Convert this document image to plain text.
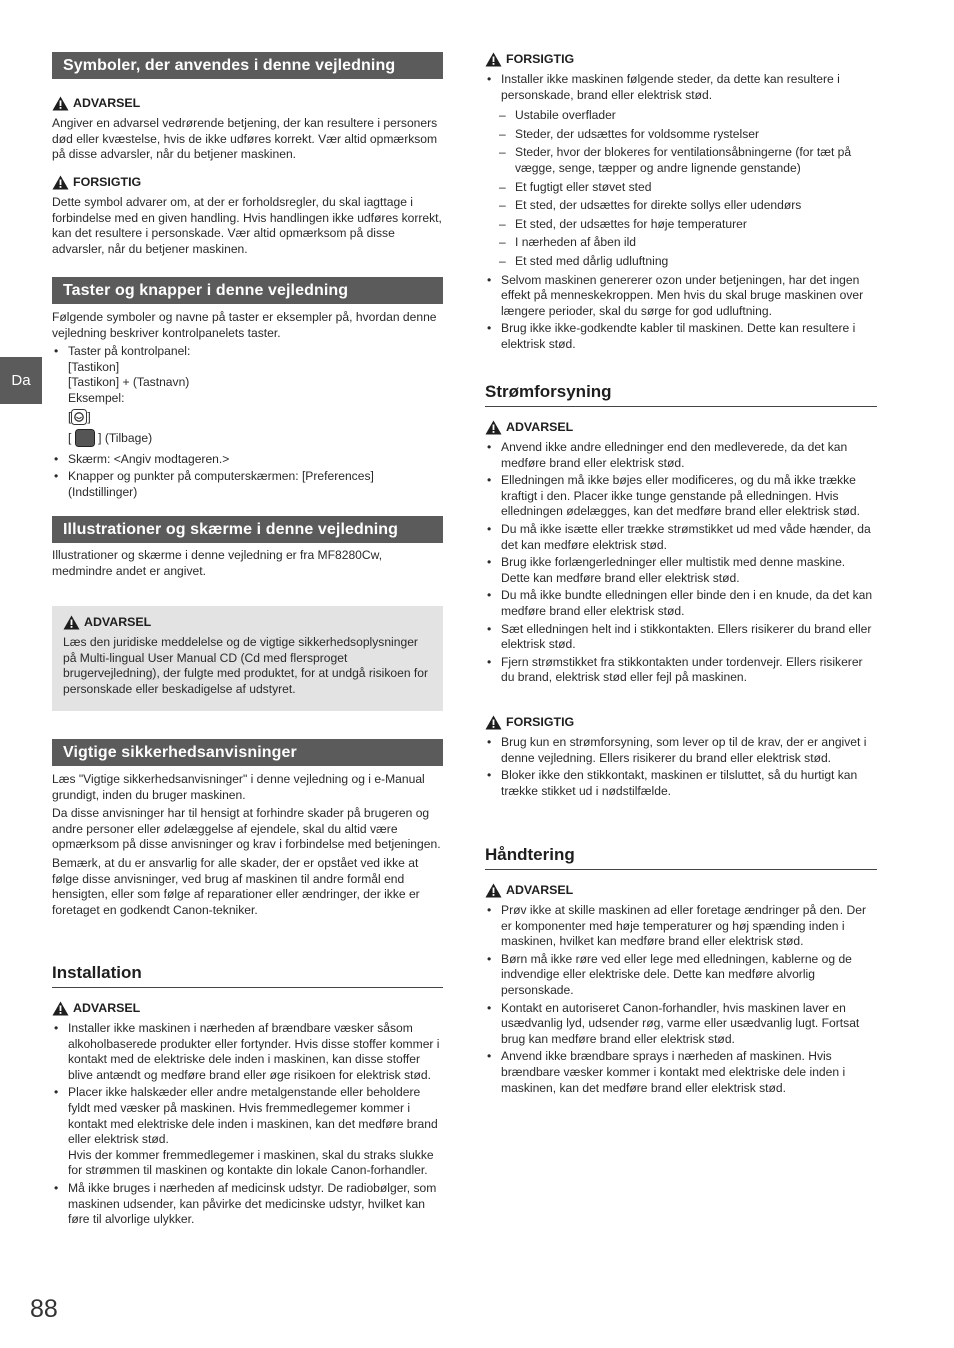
Da
Symboler, der anvendes i denne vejledning
ADVARSEL

Angiver en advarsel vedrørende betjening, der kan resultere i personers død eller kvæstelse, hvis de ikke udføres korrekt. Vær altid opmærksom på disse advarsler, når du betjener maskinen.

FORSIGTIG

Dette symbol advarer om, at der er forholdsregler, du skal iagttage i forbindelse med en given handling. Hvis handlingen ikke udføres korrekt, kan det resultere i personskade. Vær altid opmærksom på disse advarsler, når du betjener maskinen.

Taster og knapper i denne vejledning

Følgende symboler og navne på taster er eksempler på, hvordan denne vejledning beskriver kontrolpanelets taster.

• Taster på kontrolpanel:
[Tastikon]
[Tastikon] + (Tastnavn)
Eksempel:
[ ]
[ ] (Tilbage)
• Skærm: <Angiv modtageren.>
• Knapper og punkter på computerskærmen: [Preferences] (Indstillinger)
Illustrationer og skærme i denne vejledning

Illustrationer og skærme i denne vejledning er fra MF8280Cw, medmindre andet er angivet.

ADVARSEL

Læs den juridiske meddelelse og de vigtige sikkerhedsoplysninger på Multi-lingual User Manual CD (Cd med flersproget brugervejledning), der fulgte med produktet, for at undgå risikoen for personskade eller beskadigelse af udstyret.

Vigtige sikkerhedsanvisninger

Læs "Vigtige sikkerhedsanvisninger" i denne vejledning og i e-Manual grundigt, inden du bruger maskinen.

Da disse anvisninger har til hensigt at forhindre skader på brugeren og andre personer eller ødelæggelse af ejendele, skal du altid være opmærksom på disse anvisninger og krav i forbindelse med betjeningen.

Bemærk, at du er ansvarlig for alle skader, der er opstået ved ikke at følge disse anvisninger, ved brug af maskinen til andre formål end hensigten, eller som følge af reparationer eller ændringer, der ikke er foretaget en godkendt Canon-tekniker.

Installation
ADVARSEL
• Installer ikke maskinen i nærheden af brændbare væsker såsom alkoholbaserede produkter eller fortynder. Hvis disse stoffer kommer i kontakt med de elektriske dele inden i maskinen, kan disse stoffer blive antændt og medføre brand eller øge risikoen for elektrisk stød.
• Placer ikke halskæder eller andre metalgenstande eller beholdere fyldt med væsker på maskinen. Hvis fremmedlegemer kommer i kontakt med elektriske dele inden i maskinen, kan det medføre brand eller elektrisk stød.
Hvis der kommer fremmedlegemer i maskinen, skal du straks slukke for strømmen til maskinen og kontakte din lokale Canon-forhandler.
• Må ikke bruges i nærheden af medicinsk udstyr. De radiobølger, som maskinen udsender, kan påvirke det medicinske udstyr, hvilket kan føre til alvorlige ulykker.
FORSIGTIG
• Installer ikke maskinen følgende steder, da dette kan resultere i personskade, brand eller elektrisk stød.
– Ustabile overflader
– Steder, der udsættes for voldsomme rystelser
– Steder, hvor der blokeres for ventilationsåbningerne (for tæt på vægge, senge, tæpper og andre lignende genstande)
– Et fugtigt eller støvet sted
– Et sted, der udsættes for direkte sollys eller udendørs
– Et sted, der udsættes for høje temperaturer
– I nærheden af åben ild
– Et sted med dårlig udluftning
• Selvom maskinen genererer ozon under betjeningen, har det ingen effekt på menneskekroppen. Men hvis du skal bruge maskinen over længere perioder, skal du sørge for god udluftning.
• Brug ikke ikke-godkendte kabler til maskinen. Dette kan resultere i elektrisk stød.
Strømforsyning
ADVARSEL
• Anvend ikke andre elledninger end den medleverede, da det kan medføre brand eller elektrisk stød.
• Elledningen må ikke bøjes eller modificeres, og du må ikke trække kraftigt i den. Placer ikke tunge genstande på elledningen. Hvis elledningen ødelægges, kan det medføre brand eller elektrisk stød.
• Du må ikke isætte eller trække strømstikket ud med våde hænder, da det kan medføre elektrisk stød.
• Brug ikke forlængerledninger eller multistik med denne maskine. Dette kan medføre brand eller elektrisk stød.
• Du må ikke bundte elledningen eller binde den i en knude, da det kan medføre brand eller elektrisk stød.
• Sæt elledningen helt ind i stikkontakten. Ellers risikerer du brand eller elektrisk stød.
• Fjern strømstikket fra stikkontakten under tordenvejr. Ellers risikerer du brand, elektrisk stød eller fejl på maskinen.
FORSIGTIG
• Brug kun en strømforsyning, som lever op til de krav, der er angivet i denne vejledning. Ellers risikerer du brand eller elektrisk stød.
• Bloker ikke den stikkontakt, maskinen er tilsluttet, så du hurtigt kan trække stikket ud i nødstilfælde.
Håndtering
ADVARSEL
• Prøv ikke at skille maskinen ad eller foretage ændringer på den. Der er komponenter med høje temperaturer og høj spænding inden i maskinen, hvilket kan medføre brand eller elektrisk stød.
• Børn må ikke røre ved eller lege med elledningen, kablerne og de indvendige eller elektriske dele. Dette kan medføre alvorlig personskade.
• Kontakt en autoriseret Canon-forhandler, hvis maskinen laver en usædvanlig lyd, udsender røg, varme eller usædvanlig lugt. Fortsat brug kan medføre brand eller elektrisk stød.
• Anvend ikke brændbare sprays i nærheden af maskinen. Hvis brændbare væsker kommer i kontakt med elektriske dele inden i maskinen, kan det medføre brand eller elektrisk stød.
88
